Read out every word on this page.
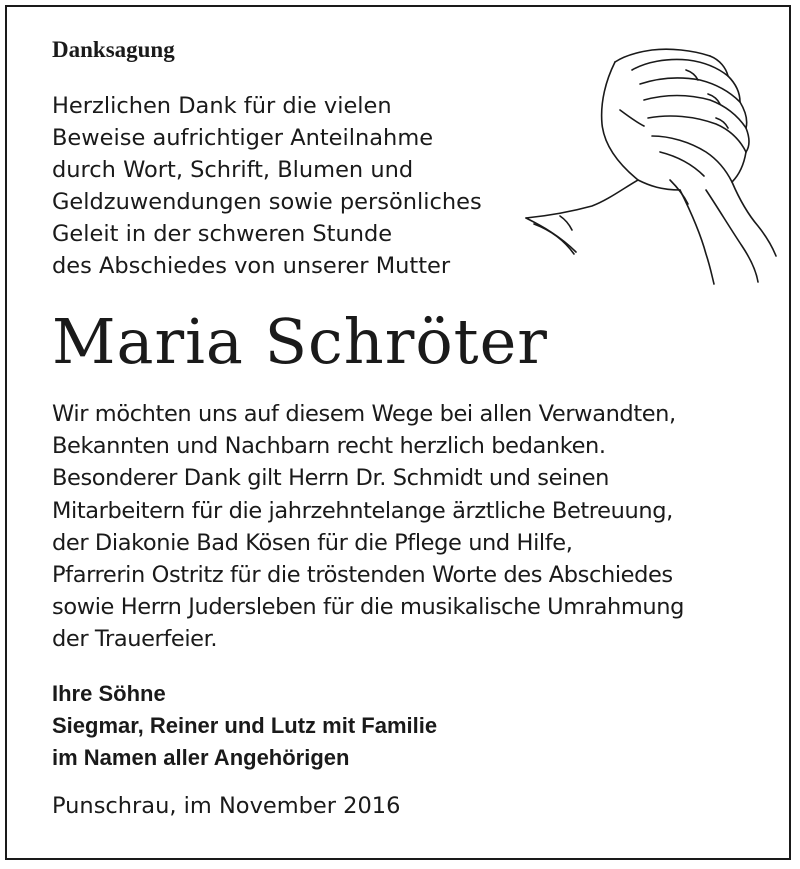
Danksagung
Herzlichen Dank für die vielen
Beweise aufrichtiger Anteilnahme
durch Wort, Schrift, Blumen und
Geldzuwendungen sowie persönliches
Geleit in der schweren Stunde
des Abschiedes von unserer Mutter
Maria Schröter
Wir möchten uns auf diesem Wege bei allen Verwandten,
Bekannten und Nachbarn recht herzlich bedanken.
Besonderer Dank gilt Herrn Dr. Schmidt und seinen
Mitarbeitern für die jahrzehntelange ärztliche Betreuung,
der Diakonie Bad Kösen für die Pflege und Hilfe,
Pfarrerin Ostritz für die tröstenden Worte des Abschiedes
sowie Herrn Judersleben für die musikalische Umrahmung
der Trauerfeier.
Ihre Söhne
Siegmar, Reiner und Lutz mit Familie
im Namen aller Angehörigen
Punschrau, im November 2016
